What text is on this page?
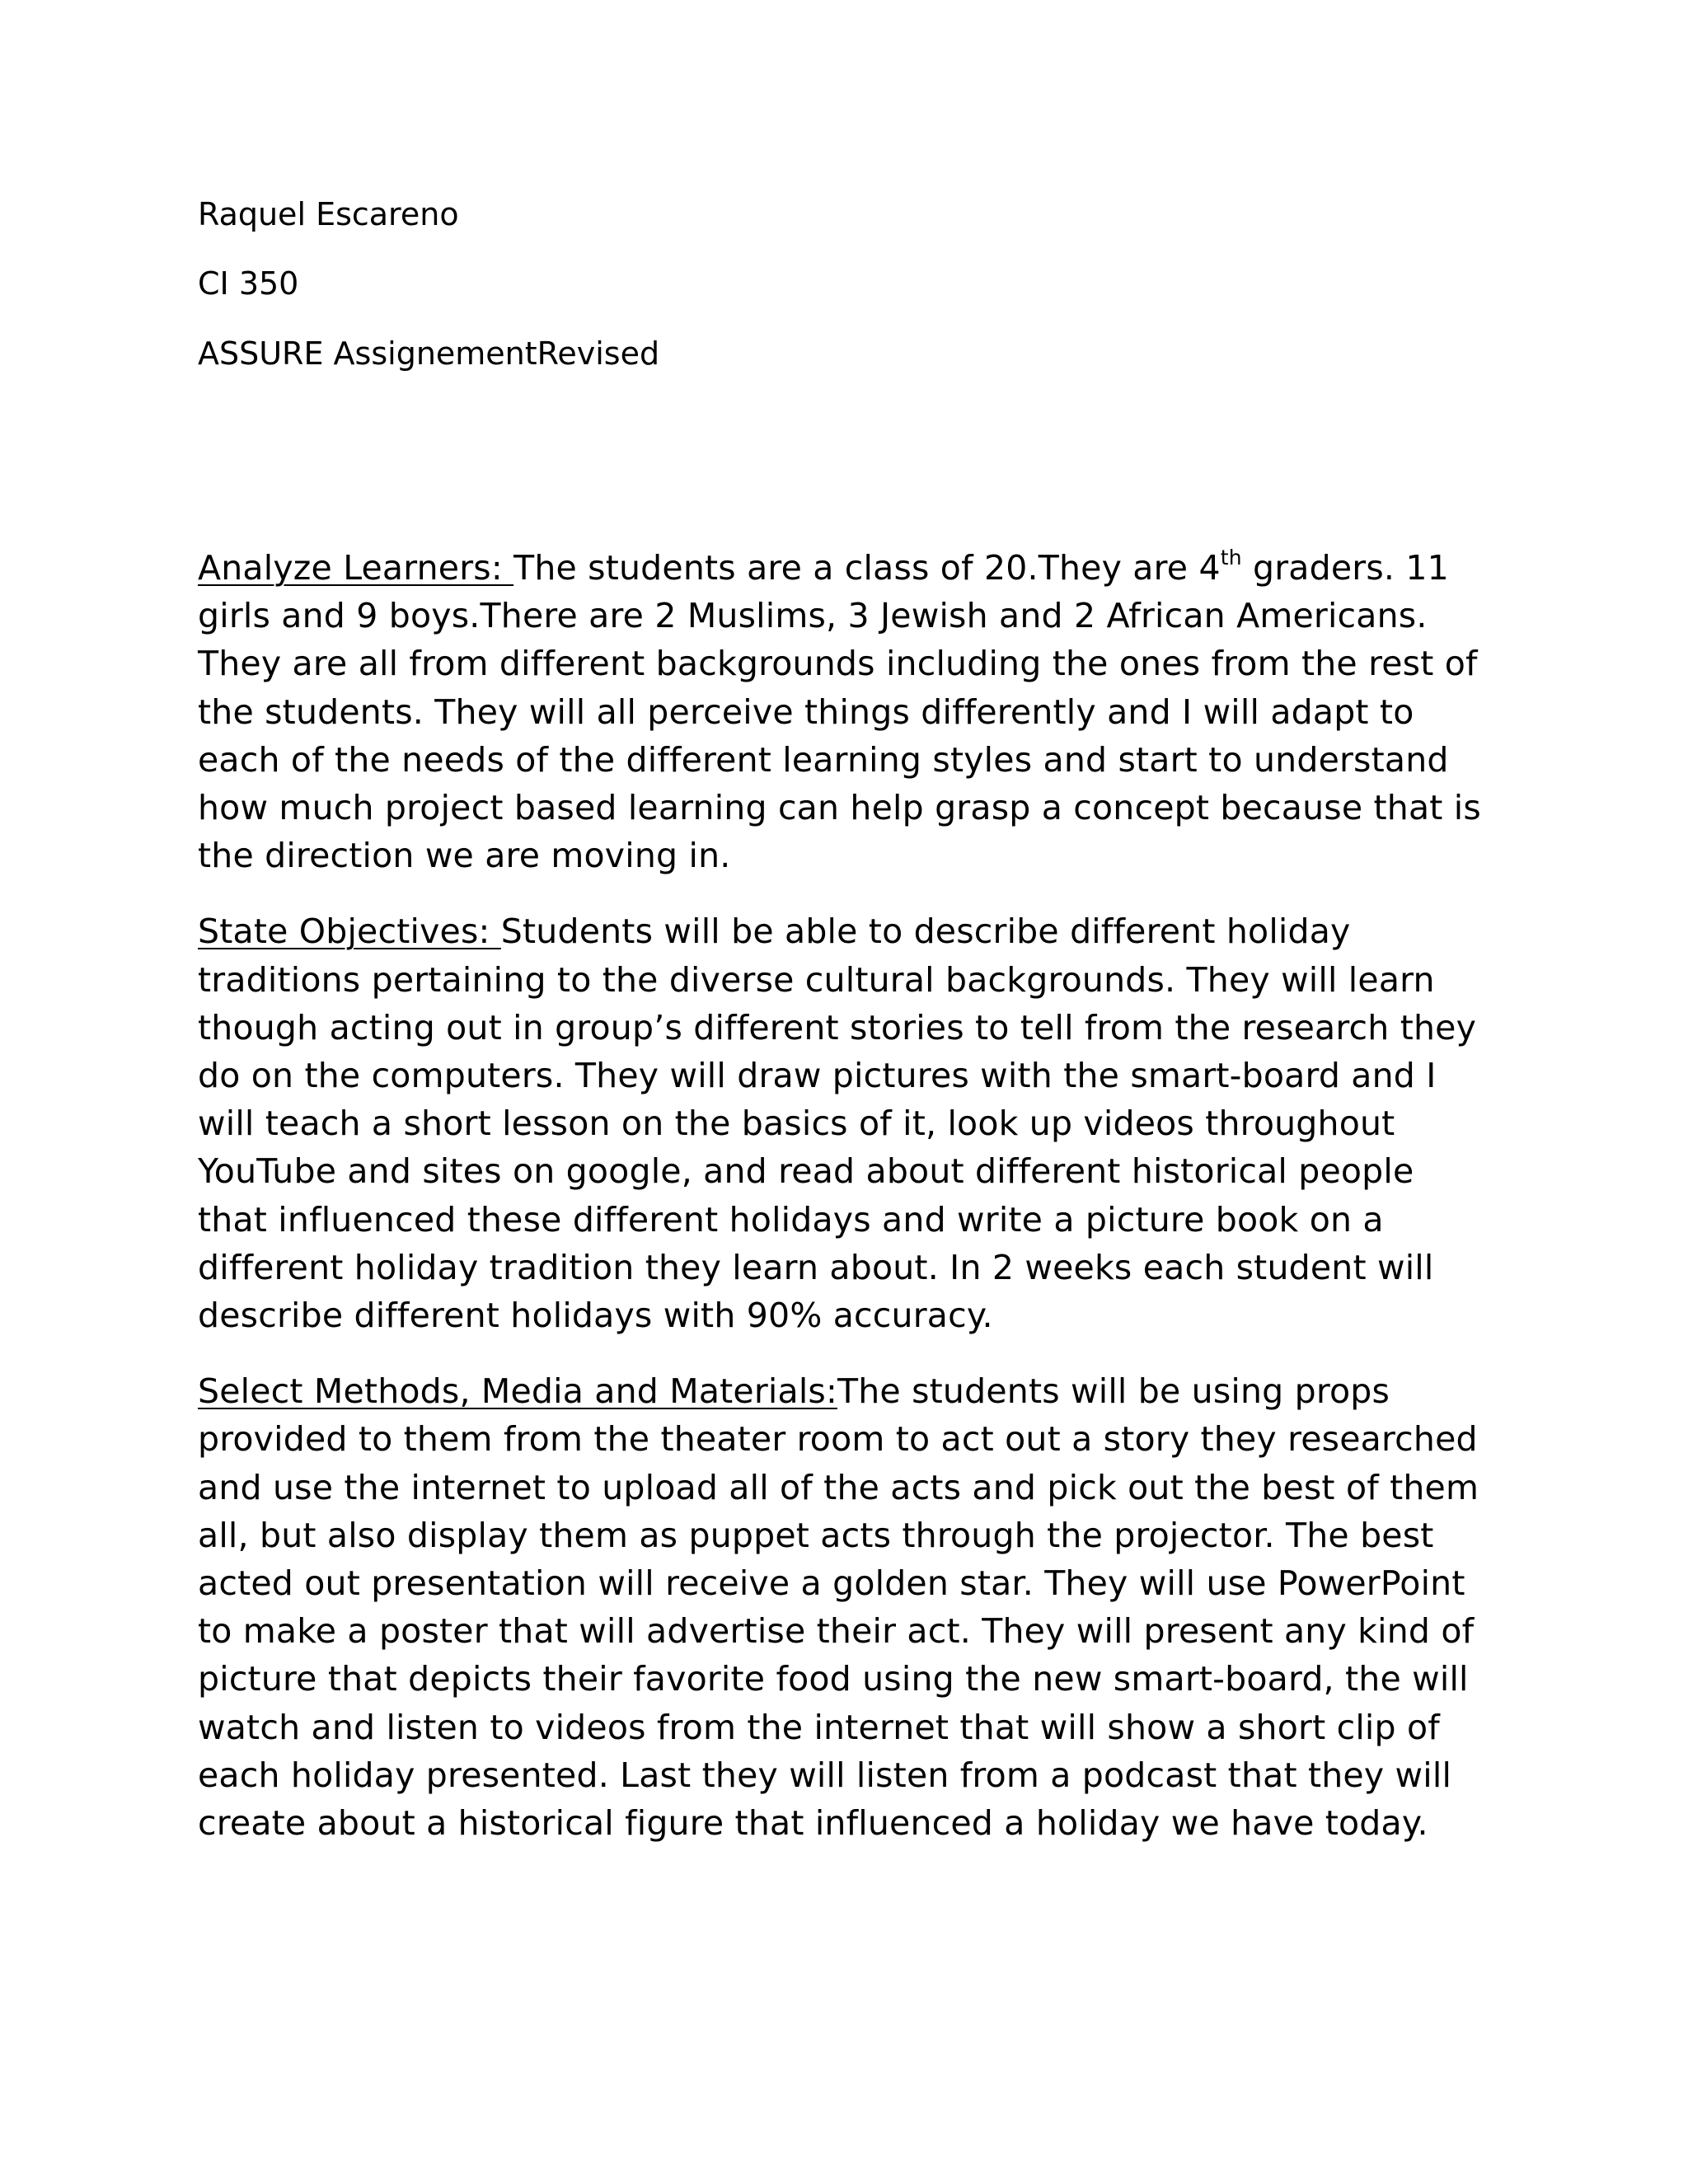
Raquel Escareno

CI 350

ASSURE AssignementRevised

Analyze Learners: The students are a class of 20.They are 4th graders. 11 girls and 9 boys.There are 2 Muslims, 3 Jewish and 2 African Americans. They are all from different backgrounds including the ones from the rest of the students. They will all perceive things differently and I will adapt to each of the needs of the different learning styles and start to understand how much project based learning can help grasp a concept because that is the direction we are moving in.

State Objectives: Students will be able to describe different holiday traditions pertaining to the diverse cultural backgrounds. They will learn though acting out in group’s different stories to tell from the research they do on the computers. They will draw pictures with the smart-board and I will teach a short lesson on the basics of it, look up videos throughout YouTube and sites on google, and read about different historical people that influenced these different holidays and write a picture book on a different holiday tradition they learn about. In 2 weeks each student will describe different holidays with 90% accuracy.

Select Methods, Media and Materials:The students will be using props provided to them from the theater room to act out a story they researched and use the internet to upload all of the acts and pick out the best of them all, but also display them as puppet acts through the projector. The best acted out presentation will receive a golden star. They will use PowerPoint to make a poster that will advertise their act. They will present any kind of picture that depicts their favorite food using the new smart-board, the will watch and listen to videos from the internet that will show a short clip of each holiday presented. Last they will listen from a podcast that they will create about a historical figure that influenced a holiday we have today.
